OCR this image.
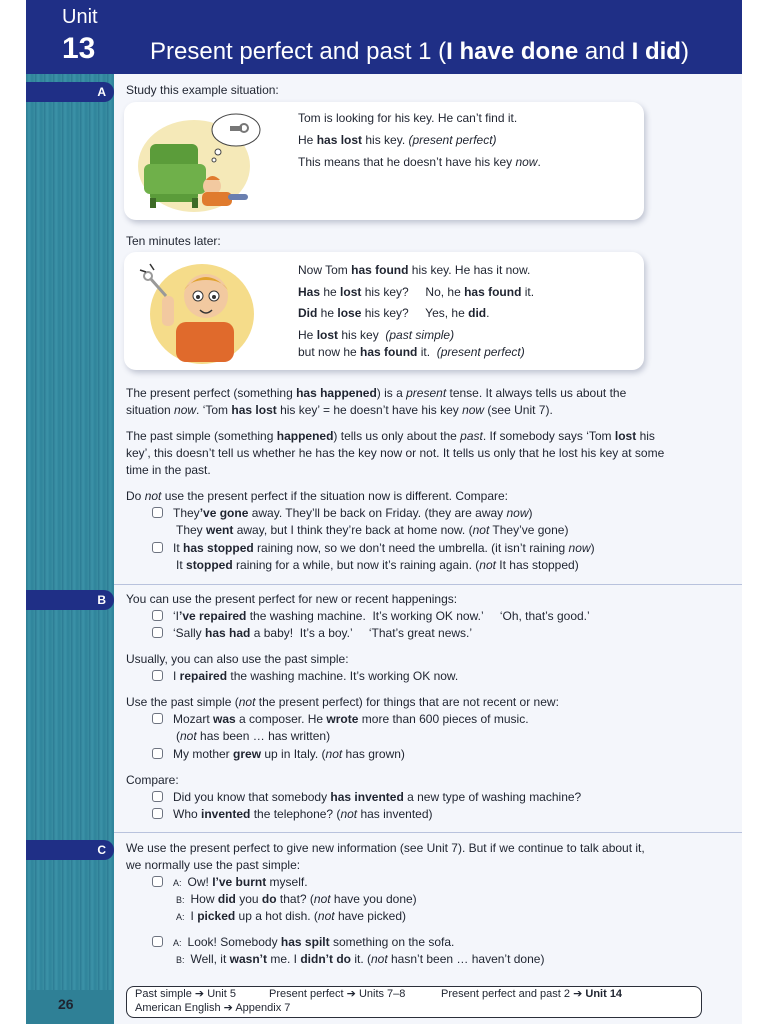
Unit
13 Present perfect and past 1 (I have done and I did)
A	Study this example situation:
Tom is looking for his key. He can’t find it.
He has lost his key. (present perfect)
This means that he doesn’t have his key now.
Ten minutes later:
Now Tom has found his key. He has it now.
Has he lost his key?     No, he has found it.
Did he lose his key?     Yes, he did.
He lost his key  (past simple)
but now he has found it.  (present perfect)
The present perfect (something has happened) is a present tense. It always tells us about the
situation now. ‘Tom has lost his key’ = he doesn’t have his key now (see Unit 7).
The past simple (something happened) tells us only about the past. If somebody says ‘Tom lost his
key’, this doesn’t tell us whether he has the key now or not. It tells us only that he lost his key at some
time in the past.
Do not use the present perfect if the situation now is different. Compare:
They’ve gone away. They’ll be back on Friday. (they are away now)
They went away, but I think they’re back at home now. (not They’ve gone)
It has stopped raining now, so we don’t need the umbrella. (it isn’t raining now)
It stopped raining for a while, but now it’s raining again. (not It has stopped)
B	You can use the present perfect for new or recent happenings:
‘I’ve repaired the washing machine.  It’s working OK now.’     ‘Oh, that’s good.’
‘Sally has had a baby!  It’s a boy.’     ‘That’s great news.’
Usually, you can also use the past simple:
I repaired the washing machine. It’s working OK now.
Use the past simple (not the present perfect) for things that are not recent or new:
Mozart was a composer. He wrote more than 600 pieces of music.
(not has been … has written)
My mother grew up in Italy. (not has grown)
Compare:
Did you know that somebody has invented a new type of washing machine?
Who invented the telephone? (not has invented)
C	We use the present perfect to give new information (see Unit 7). But if we continue to talk about it,
we normally use the past simple:
A: Ow! I’ve burnt myself.
B: How did you do that? (not have you done)
A: I picked up a hot dish. (not have picked)
A: Look! Somebody has spilt something on the sofa.
B: Well, it wasn’t me. I didn’t do it. (not hasn’t been … haven’t done)
26
Past simple ➔ Unit 5	Present perfect ➔ Units 7–8	Present perfect and past 2 ➔ Unit 14
American English ➔ Appendix 7
